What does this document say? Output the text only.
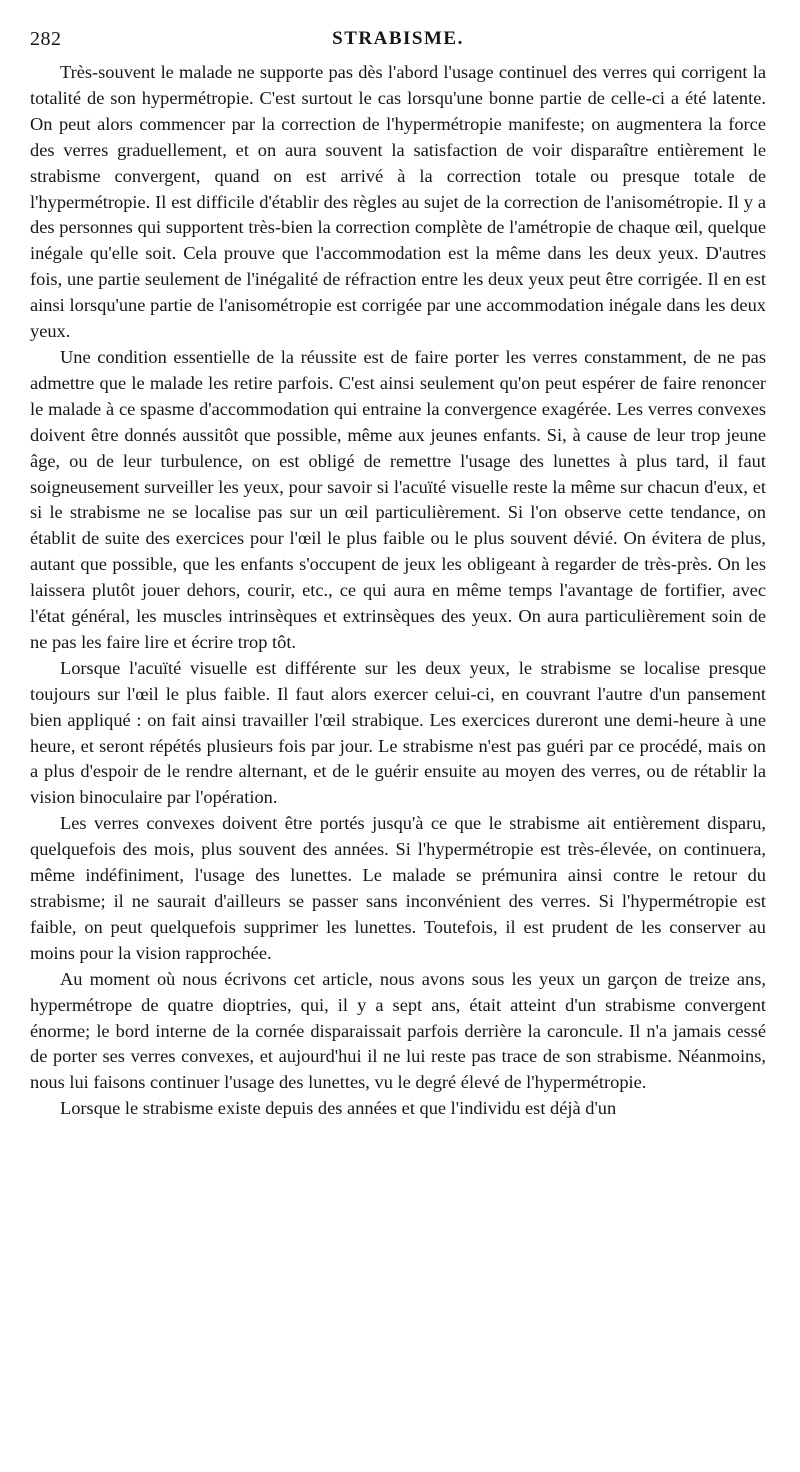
282	STRABISME.

Très-souvent le malade ne supporte pas dès l'abord l'usage continuel des verres qui corrigent la totalité de son hypermétropie. C'est surtout le cas lorsqu'une bonne partie de celle-ci a été latente. On peut alors commencer par la correction de l'hypermétropie manifeste; on augmentera la force des verres graduellement, et on aura souvent la satisfaction de voir disparaître entièrement le strabisme convergent, quand on est arrivé à la correction totale ou presque totale de l'hypermétropie. Il est difficile d'établir des règles au sujet de la correction de l'anisométropie. Il y a des personnes qui supportent très-bien la correction complète de l'amétropie de chaque œil, quelque inégale qu'elle soit. Cela prouve que l'accommodation est la même dans les deux yeux. D'autres fois, une partie seulement de l'inégalité de réfraction entre les deux yeux peut être corrigée. Il en est ainsi lorsqu'une partie de l'anisométropie est corrigée par une accommodation inégale dans les deux yeux.

Une condition essentielle de la réussite est de faire porter les verres constamment, de ne pas admettre que le malade les retire parfois. C'est ainsi seulement qu'on peut espérer de faire renoncer le malade à ce spasme d'accommodation qui entraine la convergence exagérée. Les verres convexes doivent être donnés aussitôt que possible, même aux jeunes enfants. Si, à cause de leur trop jeune âge, ou de leur turbulence, on est obligé de remettre l'usage des lunettes à plus tard, il faut soigneusement surveiller les yeux, pour savoir si l'acuïté visuelle reste la même sur chacun d'eux, et si le strabisme ne se localise pas sur un œil particulièrement. Si l'on observe cette tendance, on établit de suite des exercices pour l'œil le plus faible ou le plus souvent dévié. On évitera de plus, autant que possible, que les enfants s'occupent de jeux les obligeant à regarder de très-près. On les laissera plutôt jouer dehors, courir, etc., ce qui aura en même temps l'avantage de fortifier, avec l'état général, les muscles intrinsèques et extrinsèques des yeux. On aura particulièrement soin de ne pas les faire lire et écrire trop tôt.

Lorsque l'acuïté visuelle est différente sur les deux yeux, le strabisme se localise presque toujours sur l'œil le plus faible. Il faut alors exercer celui-ci, en couvrant l'autre d'un pansement bien appliqué : on fait ainsi travailler l'œil strabique. Les exercices dureront une demi-heure à une heure, et seront répétés plusieurs fois par jour. Le strabisme n'est pas guéri par ce procédé, mais on a plus d'espoir de le rendre alternant, et de le guérir ensuite au moyen des verres, ou de rétablir la vision binoculaire par l'opération.

Les verres convexes doivent être portés jusqu'à ce que le strabisme ait entièrement disparu, quelquefois des mois, plus souvent des années. Si l'hypermétropie est très-élevée, on continuera, même indéfiniment, l'usage des lunettes. Le malade se prémunira ainsi contre le retour du strabisme; il ne saurait d'ailleurs se passer sans inconvénient des verres. Si l'hypermétropie est faible, on peut quelquefois supprimer les lunettes. Toutefois, il est prudent de les conserver au moins pour la vision rapprochée.

Au moment où nous écrivons cet article, nous avons sous les yeux un garçon de treize ans, hypermétrope de quatre dioptries, qui, il y a sept ans, était atteint d'un strabisme convergent énorme; le bord interne de la cornée disparaissait parfois derrière la caroncule. Il n'a jamais cessé de porter ses verres convexes, et aujourd'hui il ne lui reste pas trace de son strabisme. Néanmoins, nous lui faisons continuer l'usage des lunettes, vu le degré élevé de l'hypermétropie.

Lorsque le strabisme existe depuis des années et que l'individu est déjà d'un
